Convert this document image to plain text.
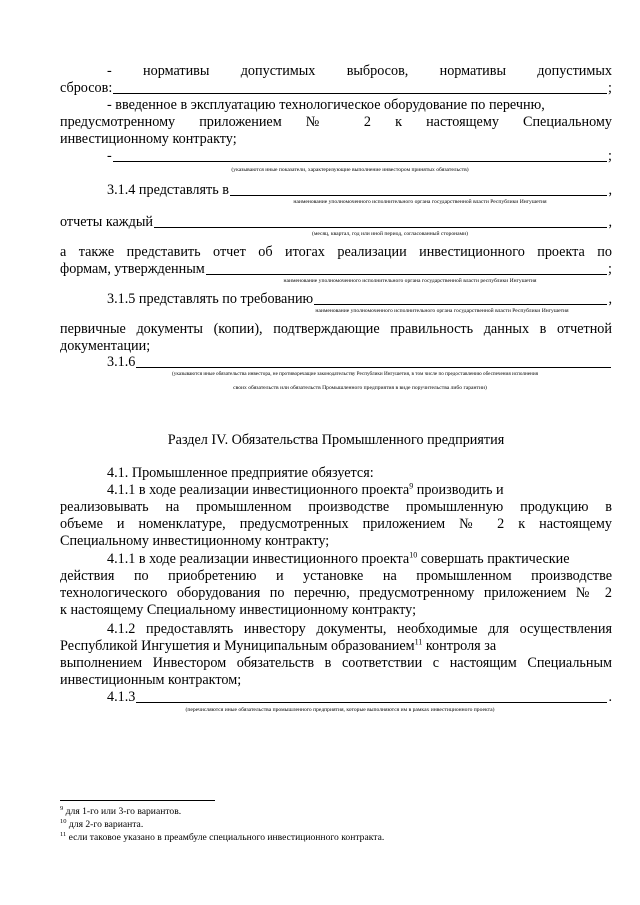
- нормативы допустимых выбросов, нормативы допустимых
сбросов:	;
- введенное в эксплуатацию технологическое оборудование по перечню,
предусмотренному приложением № 2 к настоящему Специальному
инвестиционному контракту;
-	;
(указываются иные показатели, характеризующие выполнение инвестором принятых обязательств)
3.1.4 представлять в	,
наименование уполномоченного исполнительного органа государственной власти Республики Ингушетия
отчеты каждый	,
(месяц, квартал, год или иной период, согласованный сторонами)
а также представить отчет об итогах реализации инвестиционного проекта по
формам, утвержденным	;
наименование уполномоченного исполнительного органа государственной власти республики Ингушетия
3.1.5 представлять по требованию	,
наименование уполномоченного исполнительного органа государственной власти Республики Ингушетия
первичные документы (копии), подтверждающие правильность данных в отчетной
документации;
3.1.6
(указываются иные обязательства инвестора, не противоречащие законодательству Республики Ингушетия, в том числе по предоставлению обеспечения исполнения
своих обязательств или обязательств Промышленного предприятия в виде поручительства либо гарантии)
Раздел IV. Обязательства Промышленного предприятия
4.1. Промышленное предприятие обязуется:
4.1.1 в ходе реализации инвестиционного проекта$^9$ производить и
реализовывать на промышленном производстве промышленную продукцию в
объеме и номенклатуре, предусмотренных приложением № 2 к настоящему
Специальному инвестиционному контракту;
4.1.1 в ходе реализации инвестиционного проекта$^{10}$ совершать практические
действия по приобретению и установке на промышленном производстве
технологического оборудования по перечню, предусмотренному приложением № 2
к настоящему Специальному инвестиционному контракту;
4.1.2 предоставлять инвестору документы, необходимые для осуществления
Республикой Ингушетия и Муниципальным образованием$^{11}$ контроля за
выполнением Инвестором обязательств в соответствии с настоящим Специальным
инвестиционным контрактом;
4.1.3	.
(перечисляются иные обязательства промышленного предприятия, которые выполняются им в рамках инвестиционного проекта)
$^9$ для 1-го или 3-го вариантов.
$^{10}$ для 2-го варианта.
$^{11}$ если таковое указано в преамбуле специального инвестиционного контракта.
